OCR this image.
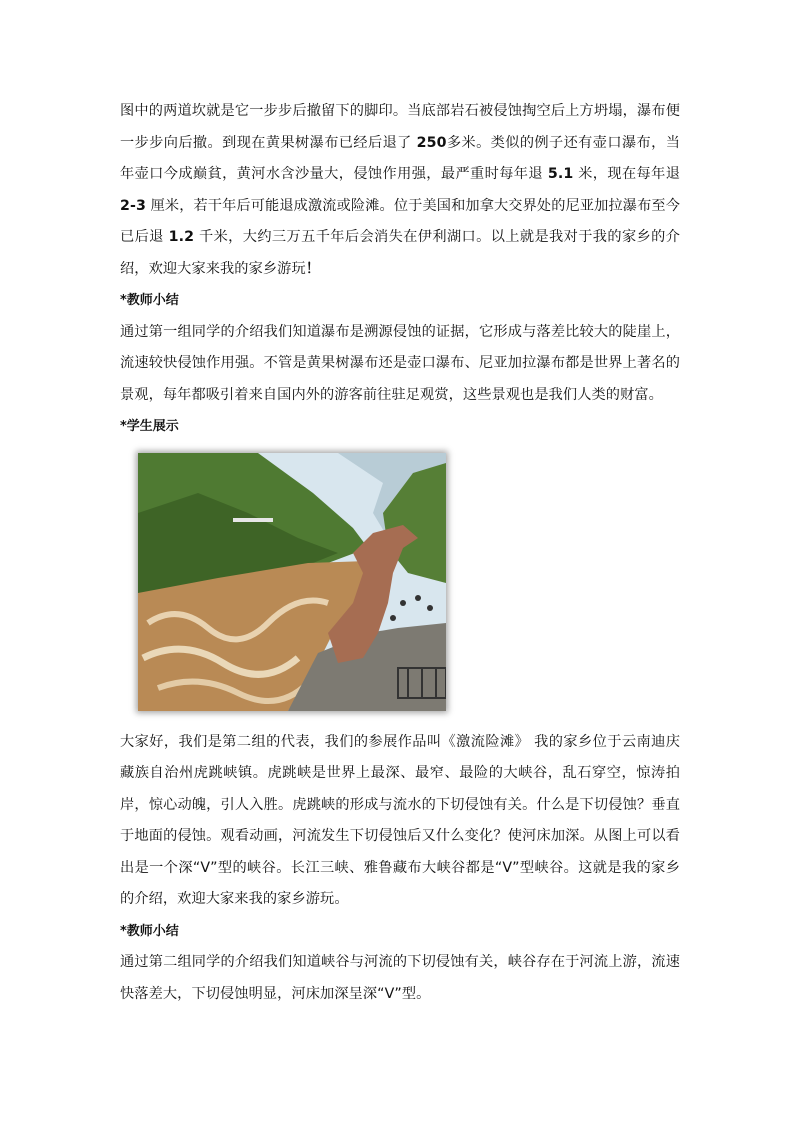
图中的两道坎就是它一步步后撤留下的脚印。当底部岩石被侵蚀掏空后上方坍塌，瀑布便一步步向后撤。到现在黄果树瀑布已经后退了 250多米。类似的例子还有壶口瀑布，当年壶口今成巅貧，黄河水含沙量大，侵蚀作用强，最严重时每年退 5.1 米，现在每年退 2-3 厘米，若干年后可能退成激流或险滩。位于美国和加拿大交界处的尼亚加拉瀑布至今已后退 1.2 千米，大约三万五千年后会消失在伊利湖口。以上就是我对于我的家乡的介绍，欢迎大家来我的家乡游玩！

*教师小结

通过第一组同学的介绍我们知道瀑布是溯源侵蚀的证据，它形成与落差比较大的陡崖上，流速较快侵蚀作用强。不管是黄果树瀑布还是壶口瀑布、尼亚加拉瀑布都是世界上著名的景观，每年都吸引着来自国内外的游客前往驻足观赏，这些景观也是我们人类的财富。

*学生展示

大家好，我们是第二组的代表，我们的参展作品叫《激流险滩》 我的家乡位于云南迪庆藏族自治州虎跳峡镇。虎跳峡是世界上最深、最窄、最险的大峡谷，乱石穿空，惊涛拍岸，惊心动魄，引人入胜。虎跳峡的形成与流水的下切侵蚀有关。什么是下切侵蚀？垂直于地面的侵蚀。观看动画，河流发生下切侵蚀后又什么变化？使河床加深。从图上可以看出是一个深“V”型的峡谷。长江三峡、雅鲁藏布大峡谷都是“V”型峡谷。这就是我的家乡的介绍，欢迎大家来我的家乡游玩。

*教师小结

通过第二组同学的介绍我们知道峡谷与河流的下切侵蚀有关，峡谷存在于河流上游，流速快落差大，下切侵蚀明显，河床加深呈深“V”型。
